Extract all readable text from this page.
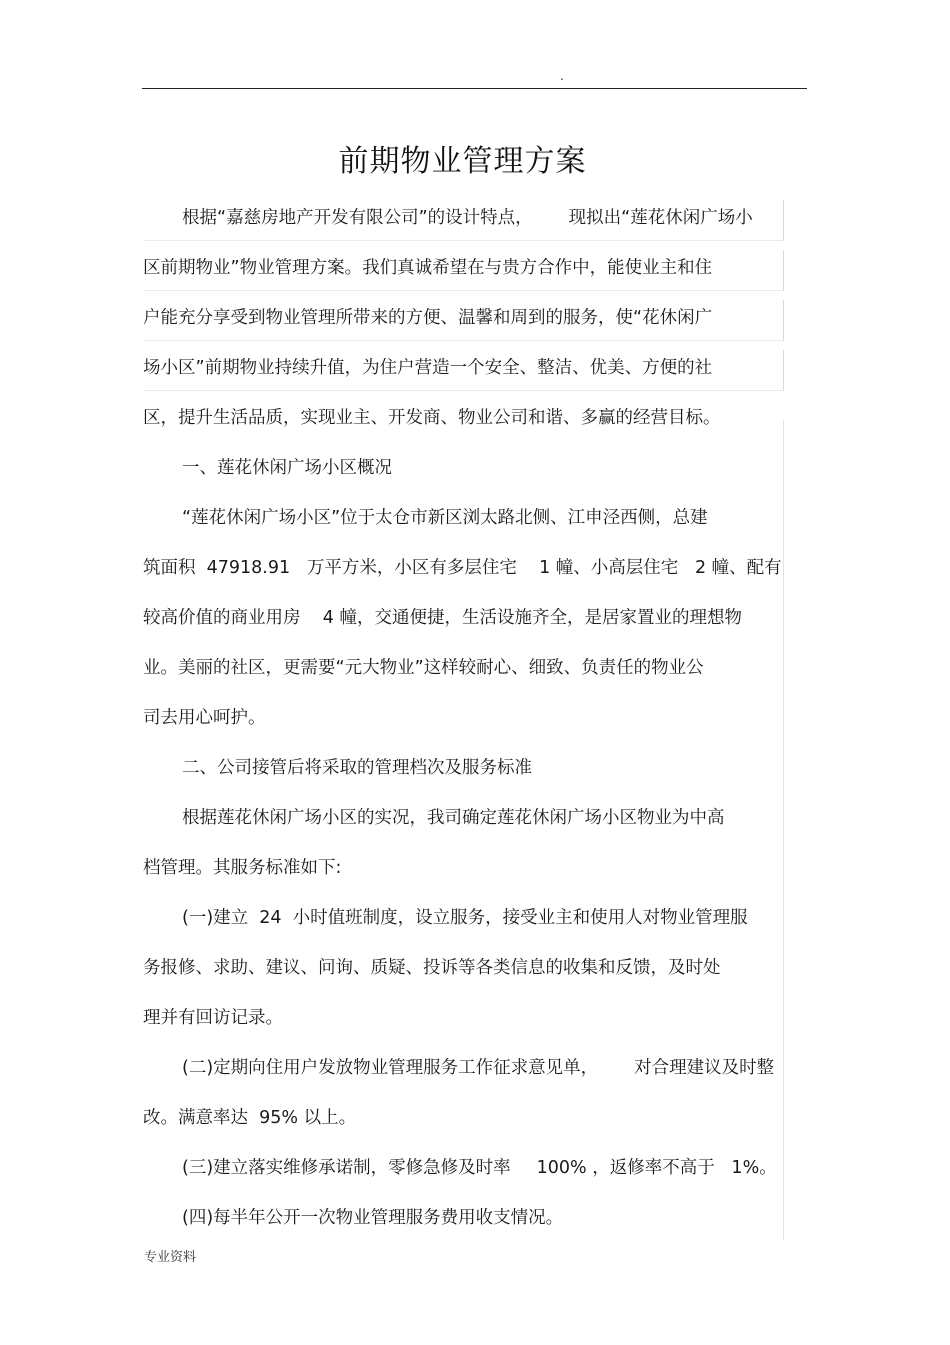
.
前期物业管理方案
根据“嘉慈房地产开发有限公司”的设计特点， 现拟出“莲花休闲广场小
区前期物业”物业管理方案。我们真诚希望在与贵方合作中，能使业主和住
户能充分享受到物业管理所带来的方便、温馨和周到的服务，使“花休闲广
场小区”前期物业持续升值，为住户营造一个安全、整洁、优美、方便的社
区，提升生活品质，实现业主、开发商、物业公司和谐、多赢的经营目标。
一、莲花休闲广场小区概况
“莲花休闲广场小区”位于太仓市新区浏太路北侧、江申泾西侧，总建
筑面积  47918.91   万平方米，小区有多层住宅    1 幢、小高层住宅   2 幢、配有
较高价值的商业用房    4 幢，交通便捷，生活设施齐全，是居家置业的理想物
业。美丽的社区，更需要“元大物业”这样较耐心、细致、负责任的物业公
司去用心呵护。
二、公司接管后将采取的管理档次及服务标准
根据莲花休闲广场小区的实况，我司确定莲花休闲广场小区物业为中高
档管理。其服务标准如下:
(一)建立  24  小时值班制度，设立服务，接受业主和使用人对物业管理服
务报修、求助、建议、问询、质疑、投诉等各类信息的收集和反馈，及时处
理并有回访记录。
(二)定期向住用户发放物业管理服务工作征求意见单， 对合理建议及时整
改。满意率达  95% 以上。
(三)建立落实维修承诺制，零修急修及时率 100% ，返修率不高于   1%。
(四)每半年公开一次物业管理服务费用收支情况。
专业资料
